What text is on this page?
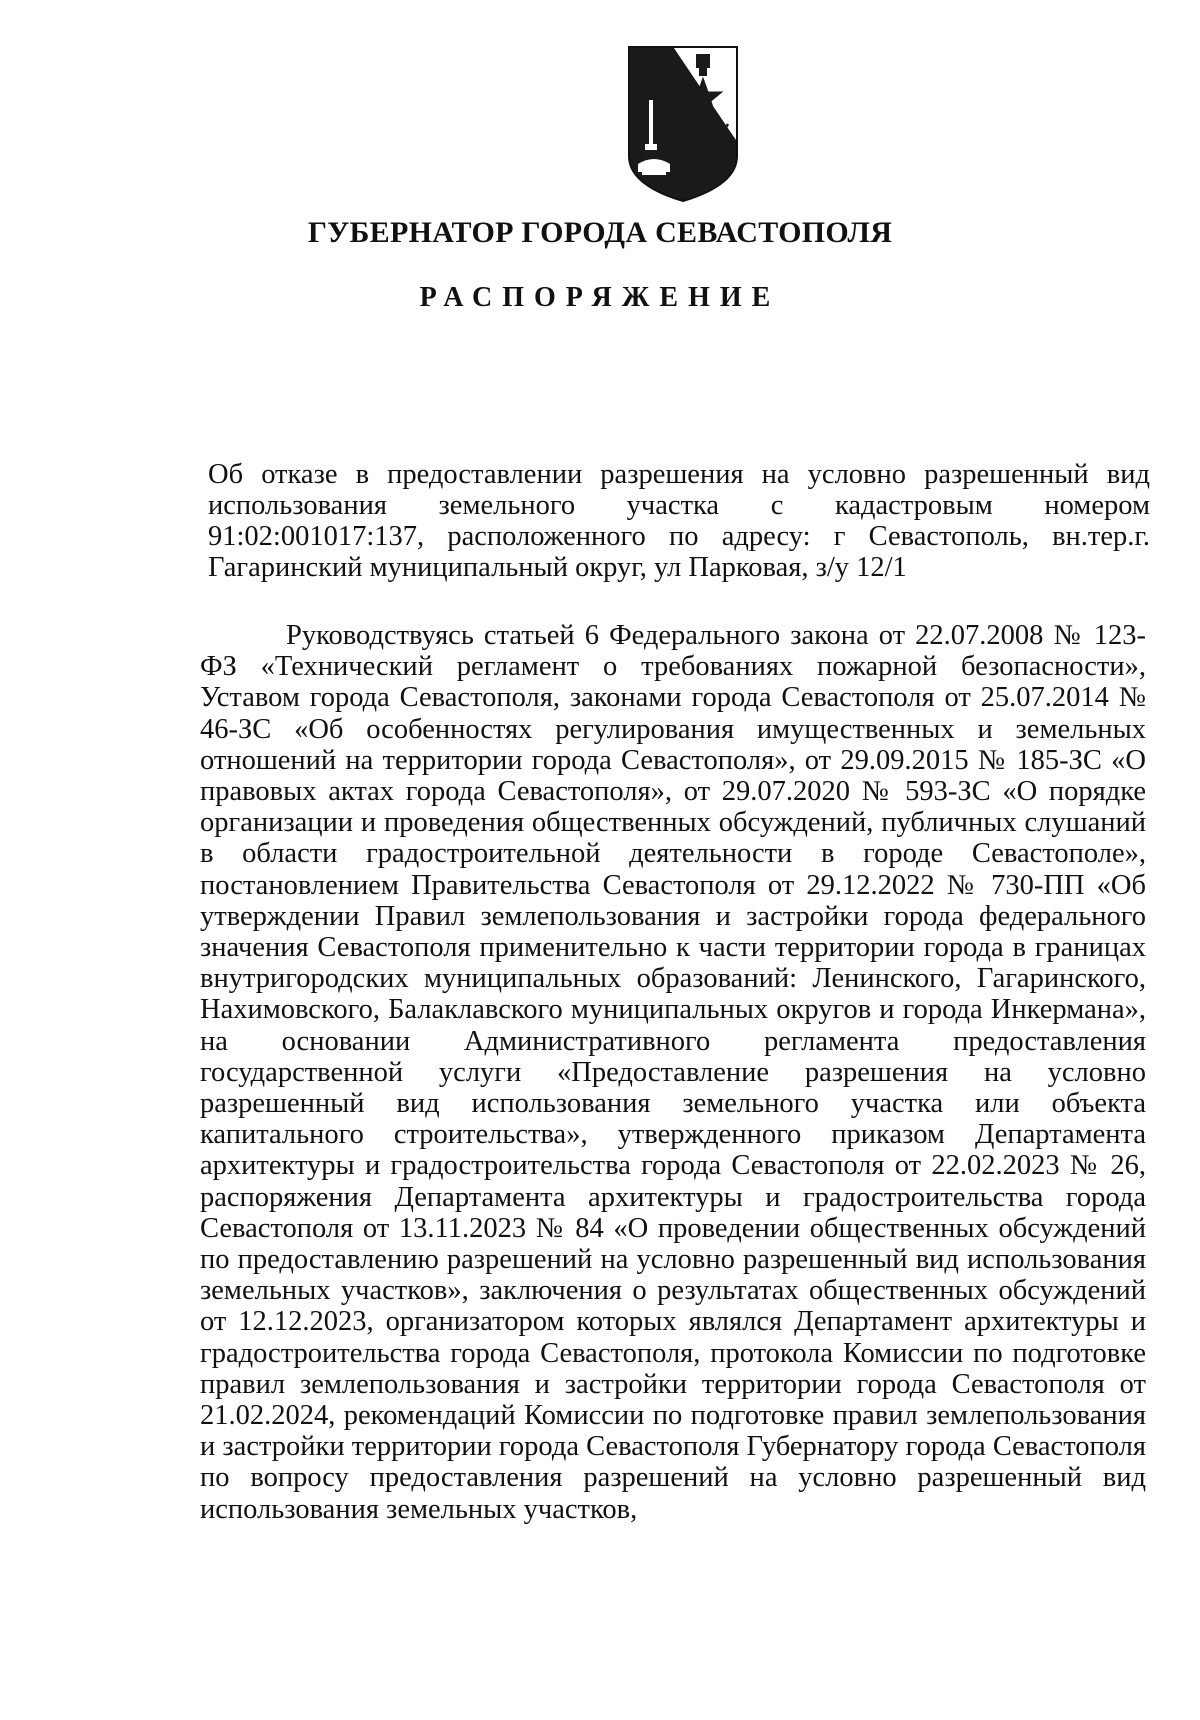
ГУБЕРНАТОР ГОРОДА СЕВАСТОПОЛЯ
РАСПОРЯЖЕНИЕ

Об отказе в предоставлении разрешения на условно разрешенный вид использования земельного участка с кадастровым номером 91:02:001017:137, расположенного по адресу: г Севастополь, вн.тер.г. Гагаринский муниципальный округ, ул Парковая, з/у 12/1

Руководствуясь статьей 6 Федерального закона от 22.07.2008 № 123-ФЗ «Технический регламент о требованиях пожарной безопасности», Уставом города Севастополя, законами города Севастополя от 25.07.2014 № 46-ЗС «Об особенностях регулирования имущественных и земельных отношений на территории города Севастополя», от 29.09.2015 № 185-ЗС «О правовых актах города Севастополя», от 29.07.2020 № 593-ЗС «О порядке организации и проведения общественных обсуждений, публичных слушаний в области градостроительной деятельности в городе Севастополе», постановлением Правительства Севастополя от 29.12.2022 № 730-ПП «Об утверждении Правил землепользования и застройки города федерального значения Севастополя применительно к части территории города в границах внутригородских муниципальных образований: Ленинского, Гагаринского, Нахимовского, Балаклавского муниципальных округов и города Инкермана», на основании Административного регламента предоставления государственной услуги «Предоставление разрешения на условно разрешенный вид использования земельного участка или объекта капитального строительства», утвержденного приказом Департамента архитектуры и градостроительства города Севастополя от 22.02.2023 № 26, распоряжения Департамента архитектуры и градостроительства города Севастополя от 13.11.2023 № 84 «О проведении общественных обсуждений по предоставлению разрешений на условно разрешенный вид использования земельных участков», заключения о результатах общественных обсуждений от 12.12.2023, организатором которых являлся Департамент архитектуры и градостроительства города Севастополя, протокола Комиссии по подготовке правил землепользования и застройки территории города Севастополя от 21.02.2024, рекомендаций Комиссии по подготовке правил землепользования и застройки территории города Севастополя Губернатору города Севастополя по вопросу предоставления разрешений на условно разрешенный вид использования земельных участков,
